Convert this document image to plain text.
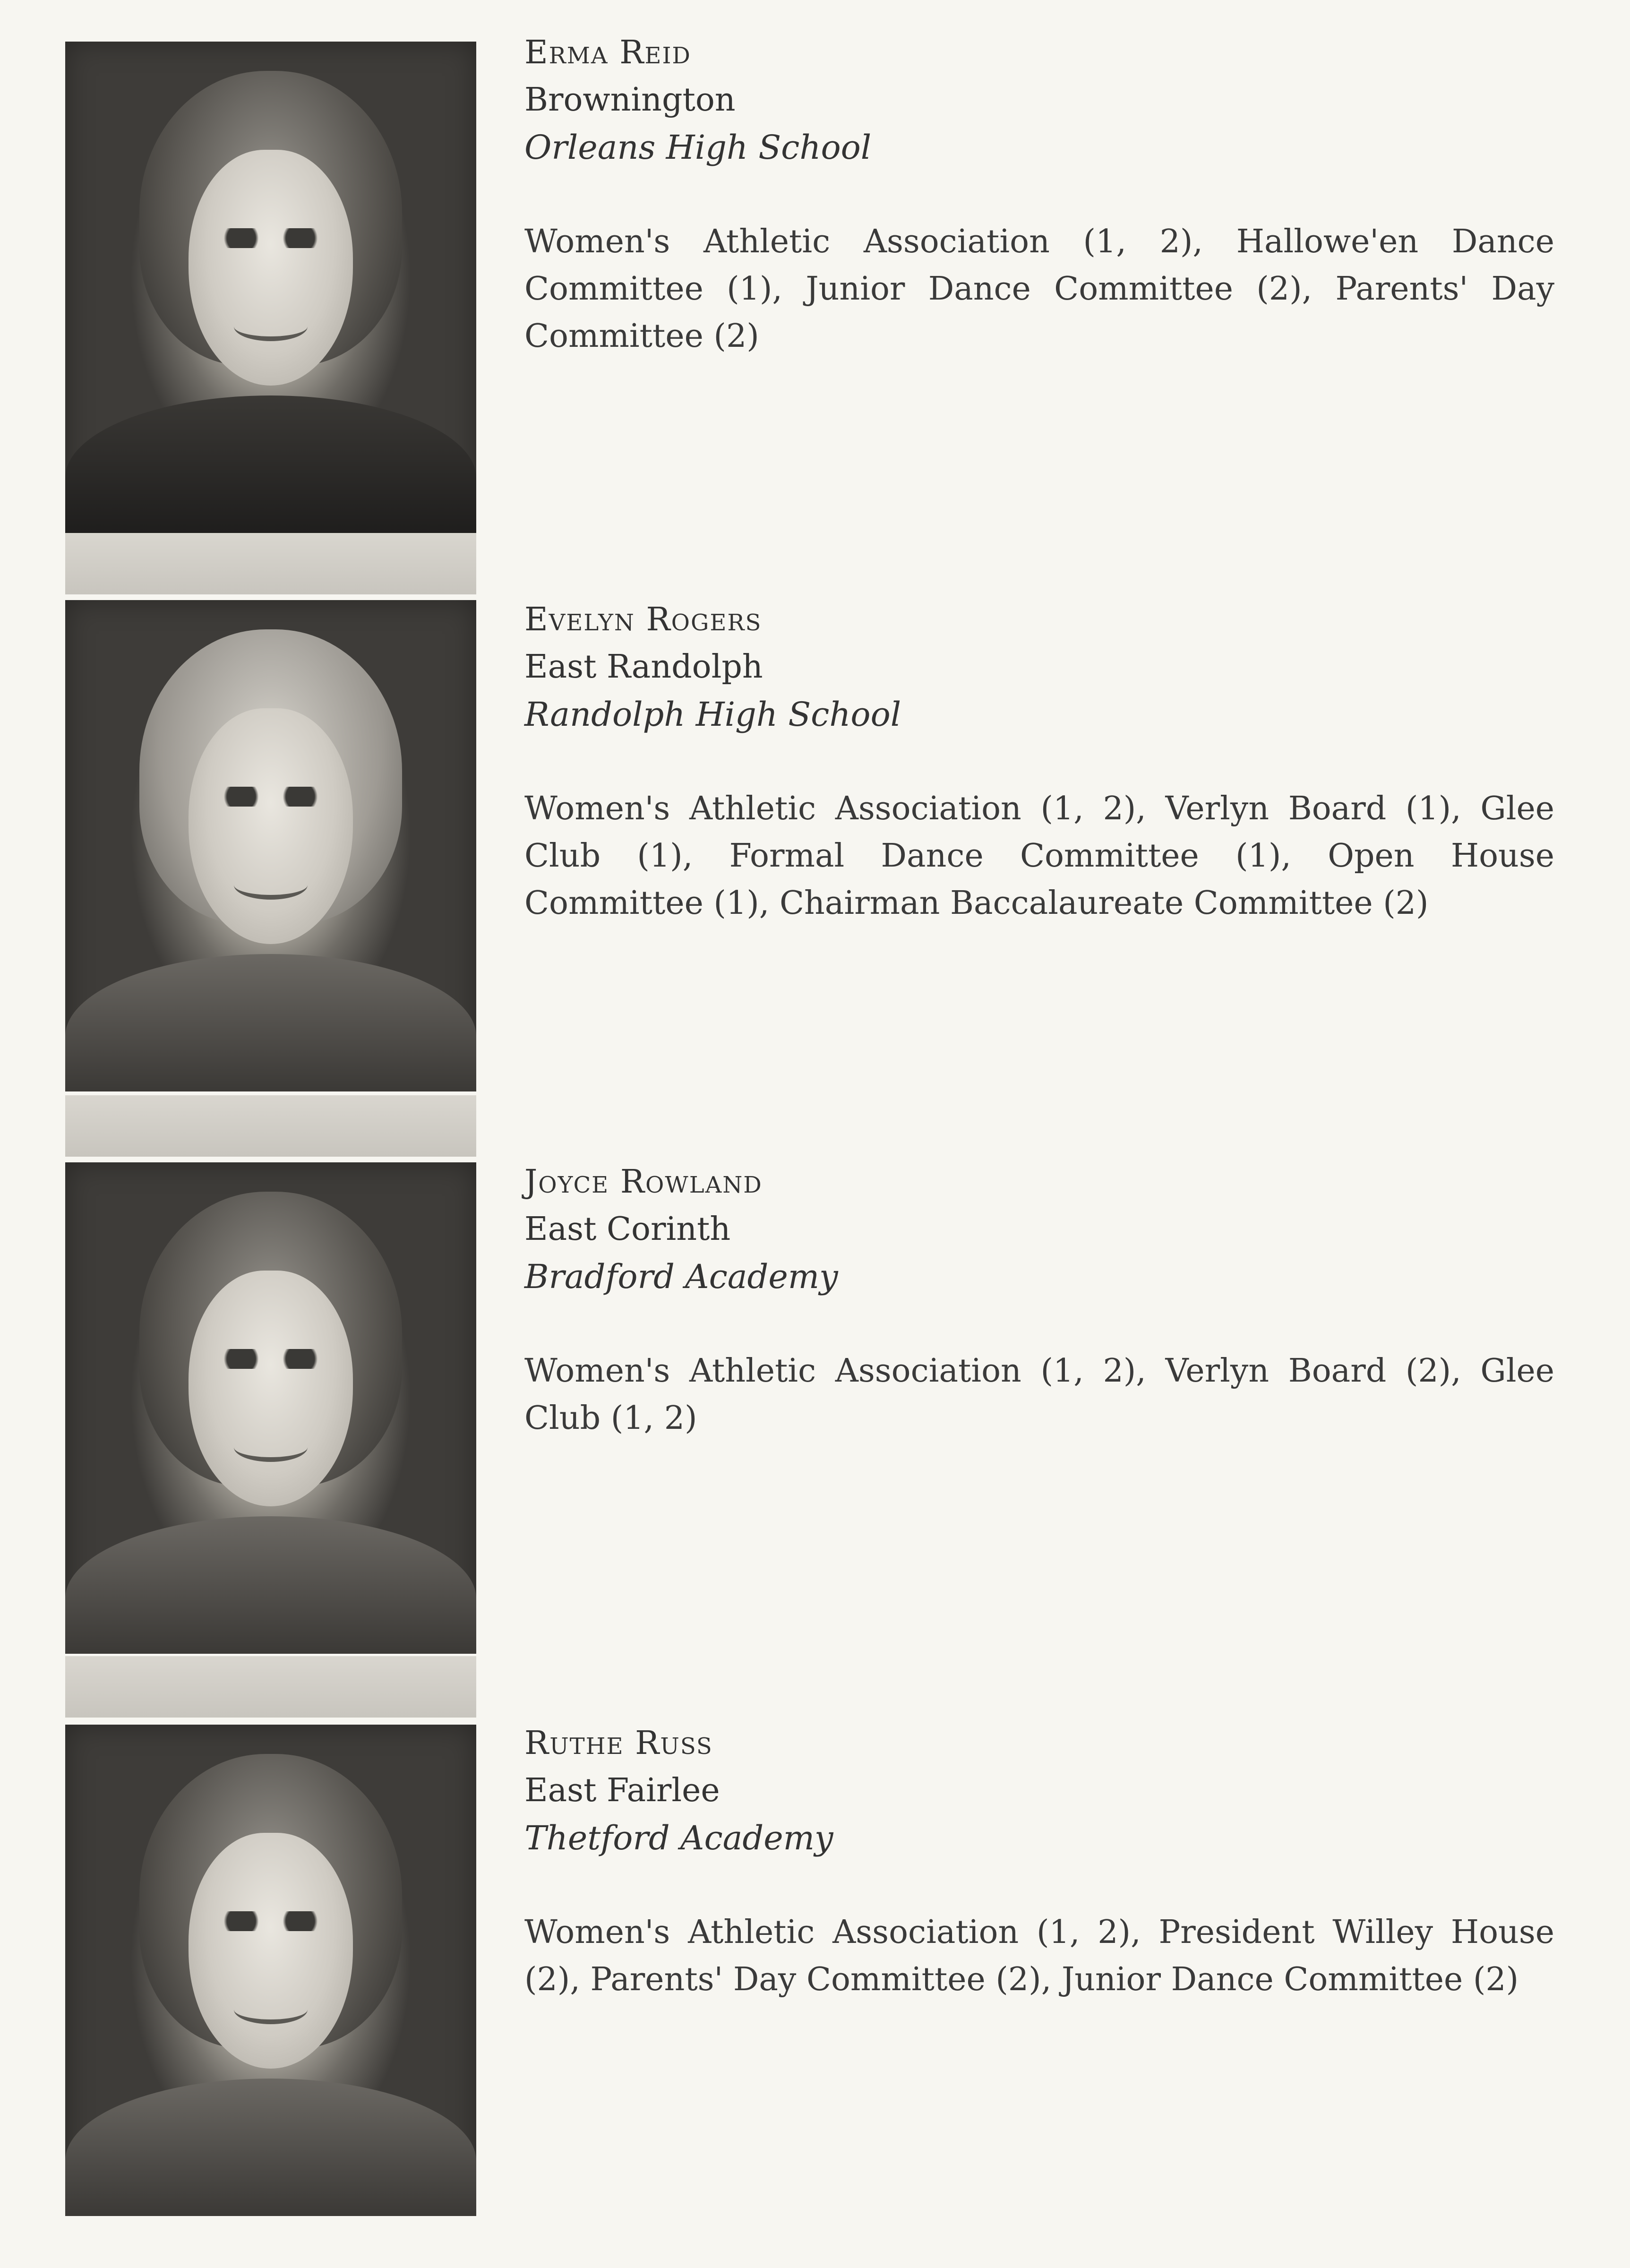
Erma Reid
Brownington
Orleans High School
Women's Athletic Association (1, 2), Hallowe'en Dance Committee (1), Junior Dance Committee (2), Parents' Day Committee (2)
Evelyn Rogers
East Randolph
Randolph High School
Women's Athletic Association (1, 2), Verlyn Board (1), Glee Club (1), Formal Dance Committee (1), Open House Committee (1), Chairman Baccalaureate Committee (2)
Joyce Rowland
East Corinth
Bradford Academy
Women's Athletic Association (1, 2), Verlyn Board (2), Glee Club (1, 2)
Ruthe Russ
East Fairlee
Thetford Academy
Women's Athletic Association (1, 2), President Willey House (2), Parents' Day Committee (2), Junior Dance Committee (2)
